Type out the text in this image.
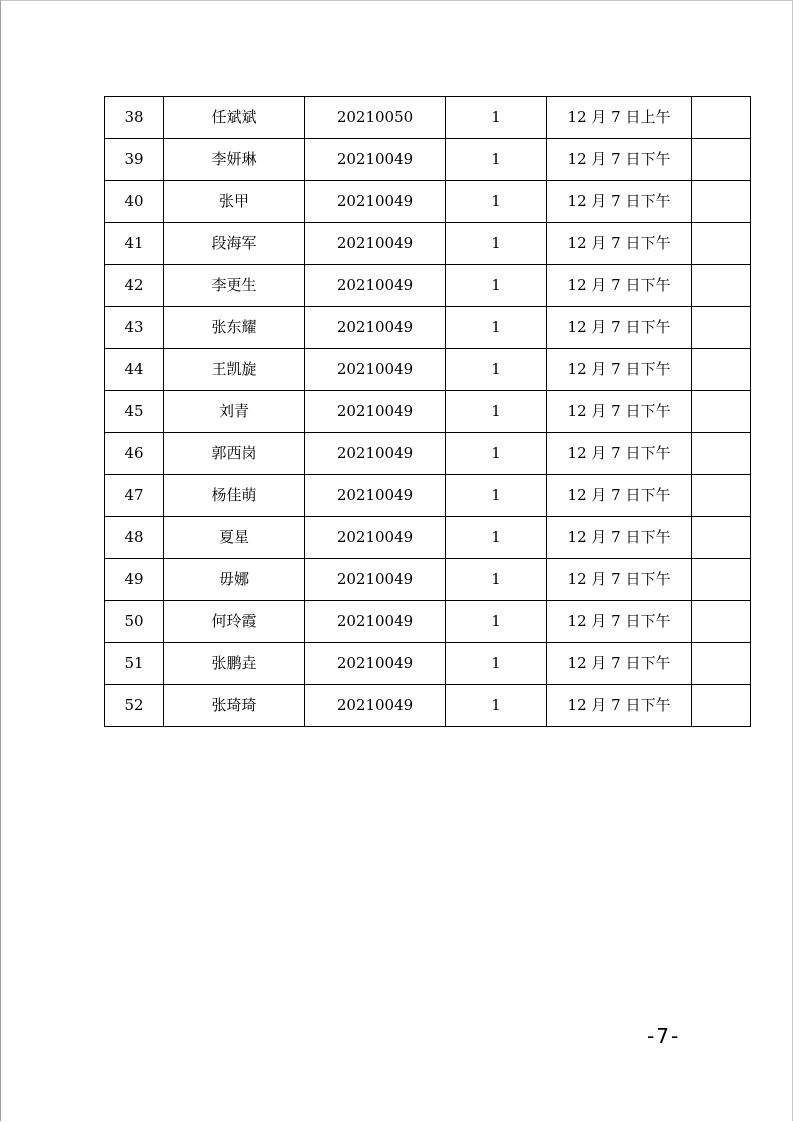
38	任斌斌	20210050	1	12 月 7 日上午	
39	李妍琳	20210049	1	12 月 7 日下午	
40	张甲	20210049	1	12 月 7 日下午	
41	段海军	20210049	1	12 月 7 日下午	
42	李更生	20210049	1	12 月 7 日下午	
43	张东耀	20210049	1	12 月 7 日下午	
44	王凯旋	20210049	1	12 月 7 日下午	
45	刘青	20210049	1	12 月 7 日下午	
46	郭西岗	20210049	1	12 月 7 日下午	
47	杨佳萌	20210049	1	12 月 7 日下午	
48	夏星	20210049	1	12 月 7 日下午	
49	毋娜	20210049	1	12 月 7 日下午	
50	何玲霞	20210049	1	12 月 7 日下午	
51	张鹏垚	20210049	1	12 月 7 日下午	
52	张琦琦	20210049	1	12 月 7 日下午	
-7-
